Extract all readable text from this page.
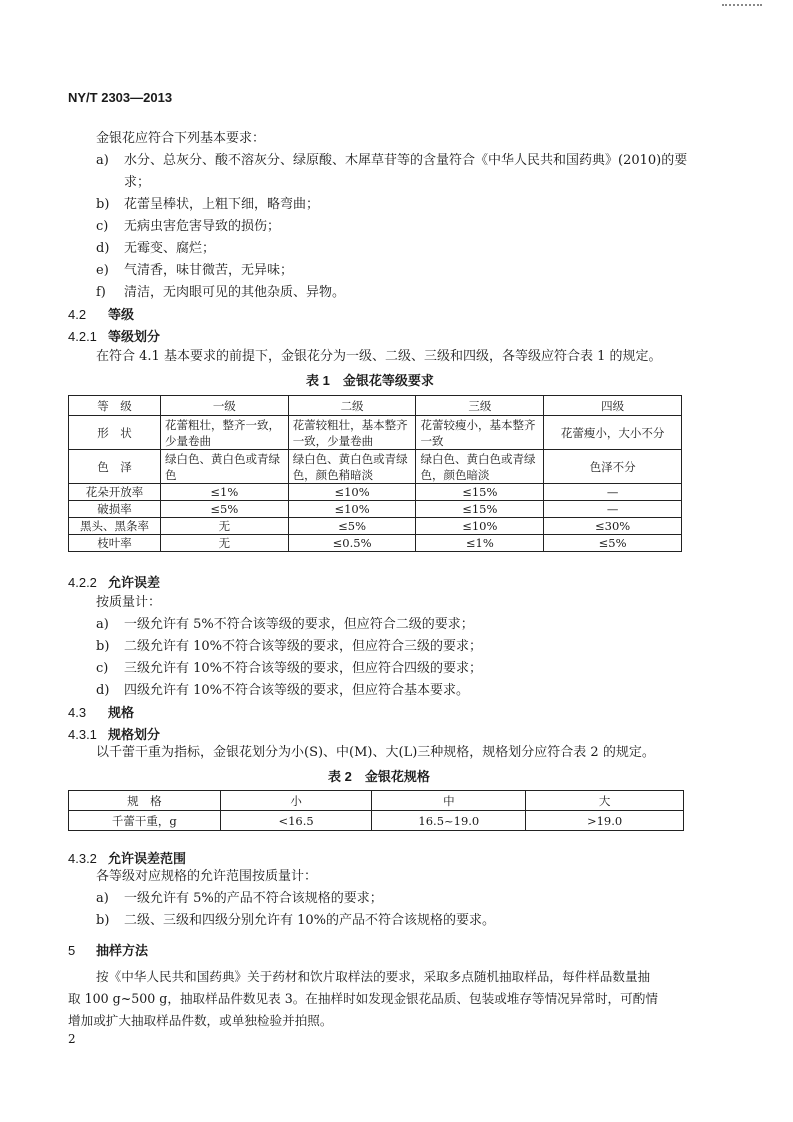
NY/T 2303—2013
金银花应符合下列基本要求：
a) 水分、总灰分、酸不溶灰分、绿原酸、木犀草苷等的含量符合《中华人民共和国药典》(2010)的要
求；
b) 花蕾呈棒状，上粗下细，略弯曲；
c) 无病虫害危害导致的损伤；
d) 无霉变、腐烂；
e) 气清香，味甘微苦，无异味；
f) 清洁，无肉眼可见的其他杂质、异物。
4.2 等级
4.2.1 等级划分
在符合 4.1 基本要求的前提下，金银花分为一级、二级、三级和四级，各等级应符合表 1 的规定。
表 1　金银花等级要求
等　级	一级	二级	三级	四级
形　状	花蕾粗壮，整齐一致，少量卷曲	花蕾较粗壮，基本整齐一致，少量卷曲	花蕾较瘦小，基本整齐一致	花蕾瘦小，大小不分
色　泽	绿白色、黄白色或青绿色	绿白色、黄白色或青绿色，颜色稍暗淡	绿白色、黄白色或青绿色，颜色暗淡	色泽不分
花朵开放率	≤1%	≤10%	≤15%	—
破损率	≤5%	≤10%	≤15%	—
黑头、黑条率	无	≤5%	≤10%	≤30%
枝叶率	无	≤0.5%	≤1%	≤5%
4.2.2 允许误差
按质量计：
a) 一级允许有 5%不符合该等级的要求，但应符合二级的要求；
b) 二级允许有 10%不符合该等级的要求，但应符合三级的要求；
c) 三级允许有 10%不符合该等级的要求，但应符合四级的要求；
d) 四级允许有 10%不符合该等级的要求，但应符合基本要求。
4.3 规格
4.3.1 规格划分
以千蕾干重为指标，金银花划分为小(S)、中(M)、大(L)三种规格，规格划分应符合表 2 的规定。
表 2　金银花规格
规　格	小	中	大
千蕾干重，g	<16.5	16.5~19.0	>19.0
4.3.2 允许误差范围
各等级对应规格的允许范围按质量计：
a) 一级允许有 5%的产品不符合该规格的要求；
b) 二级、三级和四级分别允许有 10%的产品不符合该规格的要求。
5 抽样方法
按《中华人民共和国药典》关于药材和饮片取样法的要求，采取多点随机抽取样品，每件样品数量抽
取 100 g~500 g，抽取样品件数见表 3。在抽样时如发现金银花品质、包装或堆存等情况异常时，可酌情
增加或扩大抽取样品件数，或单独检验并拍照。
2
